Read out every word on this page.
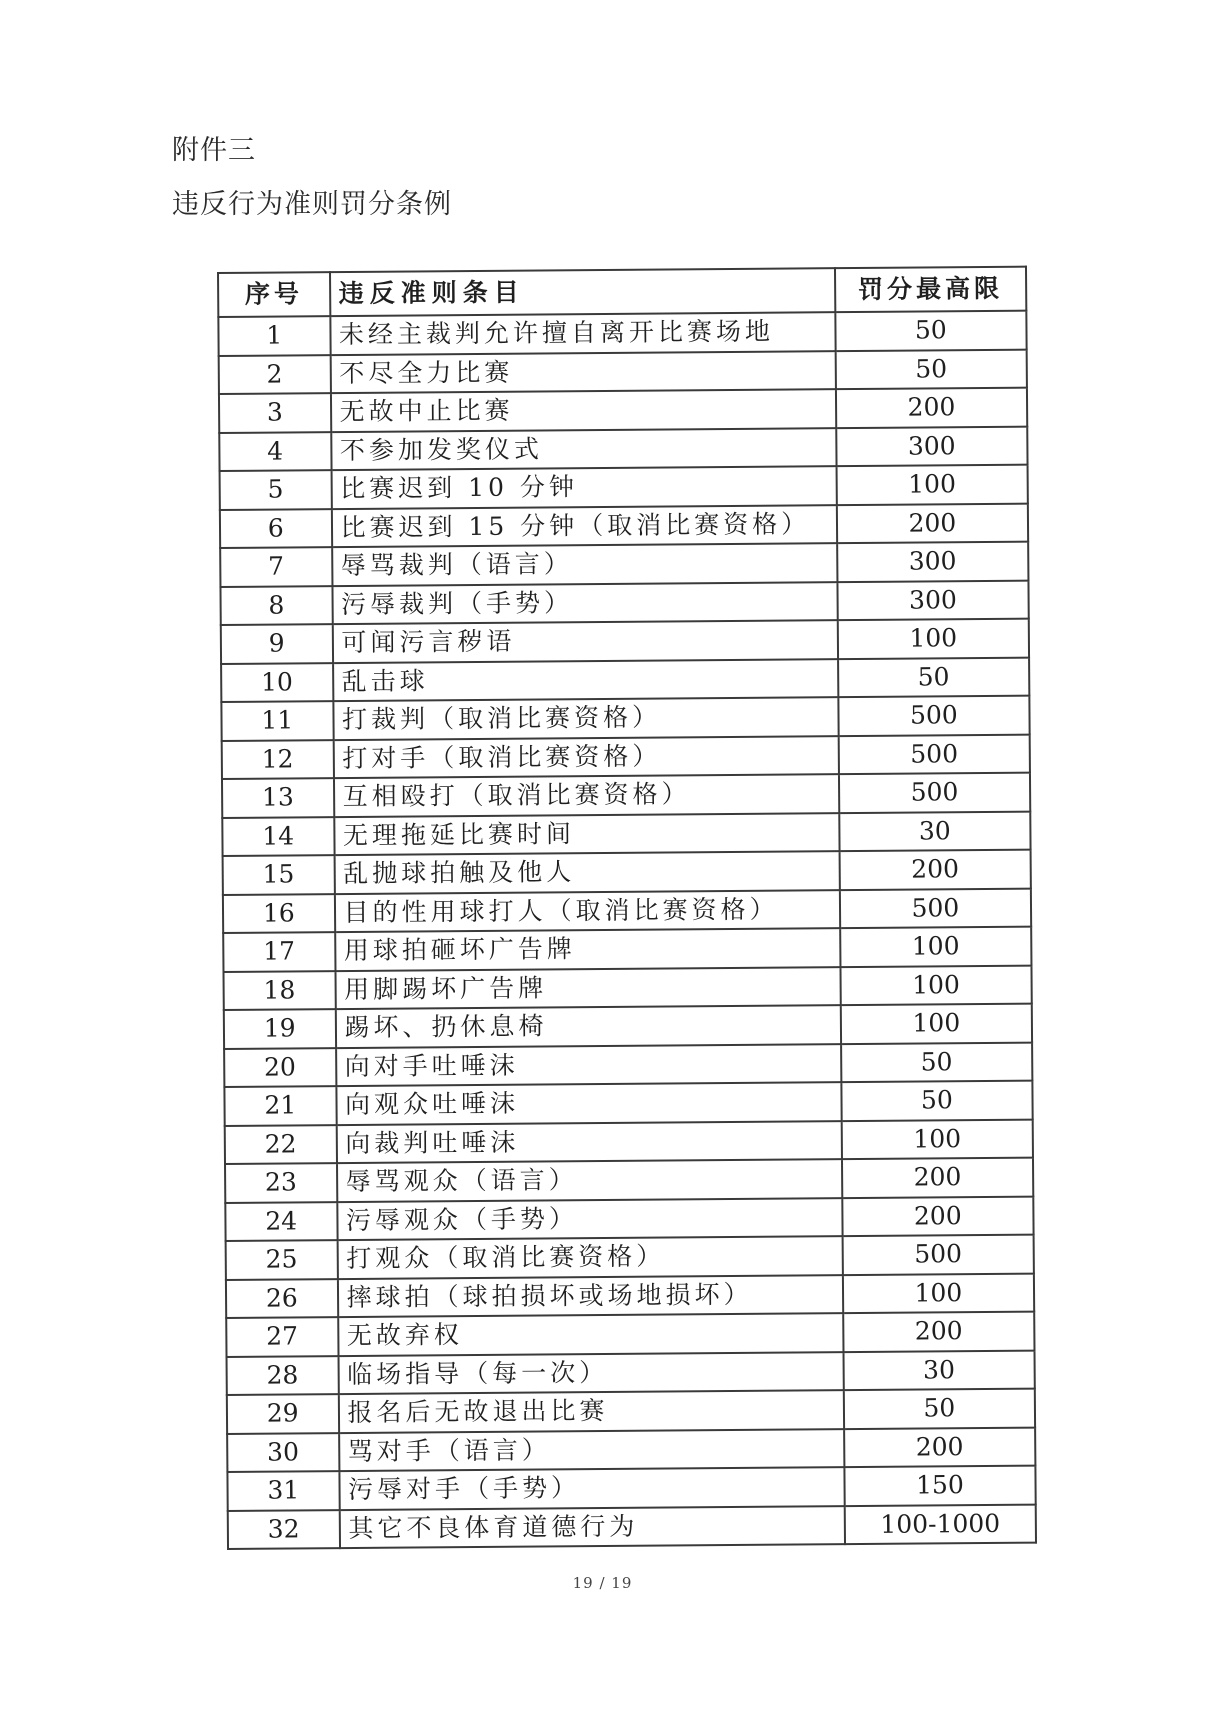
附件三
违反行为准则罚分条例
序号	违反准则条目	罚分最高限
1	未经主裁判允许擅自离开比赛场地	50
2	不尽全力比赛	50
3	无故中止比赛	200
4	不参加发奖仪式	300
5	比赛迟到 10 分钟	100
6	比赛迟到 15 分钟（取消比赛资格）	200
7	辱骂裁判（语言）	300
8	污辱裁判（手势）	300
9	可闻污言秽语	100
10	乱击球	50
11	打裁判（取消比赛资格）	500
12	打对手（取消比赛资格）	500
13	互相殴打（取消比赛资格）	500
14	无理拖延比赛时间	30
15	乱抛球拍触及他人	200
16	目的性用球打人（取消比赛资格）	500
17	用球拍砸坏广告牌	100
18	用脚踢坏广告牌	100
19	踢坏、扔休息椅	100
20	向对手吐唾沫	50
21	向观众吐唾沫	50
22	向裁判吐唾沫	100
23	辱骂观众（语言）	200
24	污辱观众（手势）	200
25	打观众（取消比赛资格）	500
26	摔球拍（球拍损坏或场地损坏）	100
27	无故弃权	200
28	临场指导（每一次）	30
29	报名后无故退出比赛	50
30	骂对手（语言）	200
31	污辱对手（手势）	150
32	其它不良体育道德行为	100-1000
19 / 19
